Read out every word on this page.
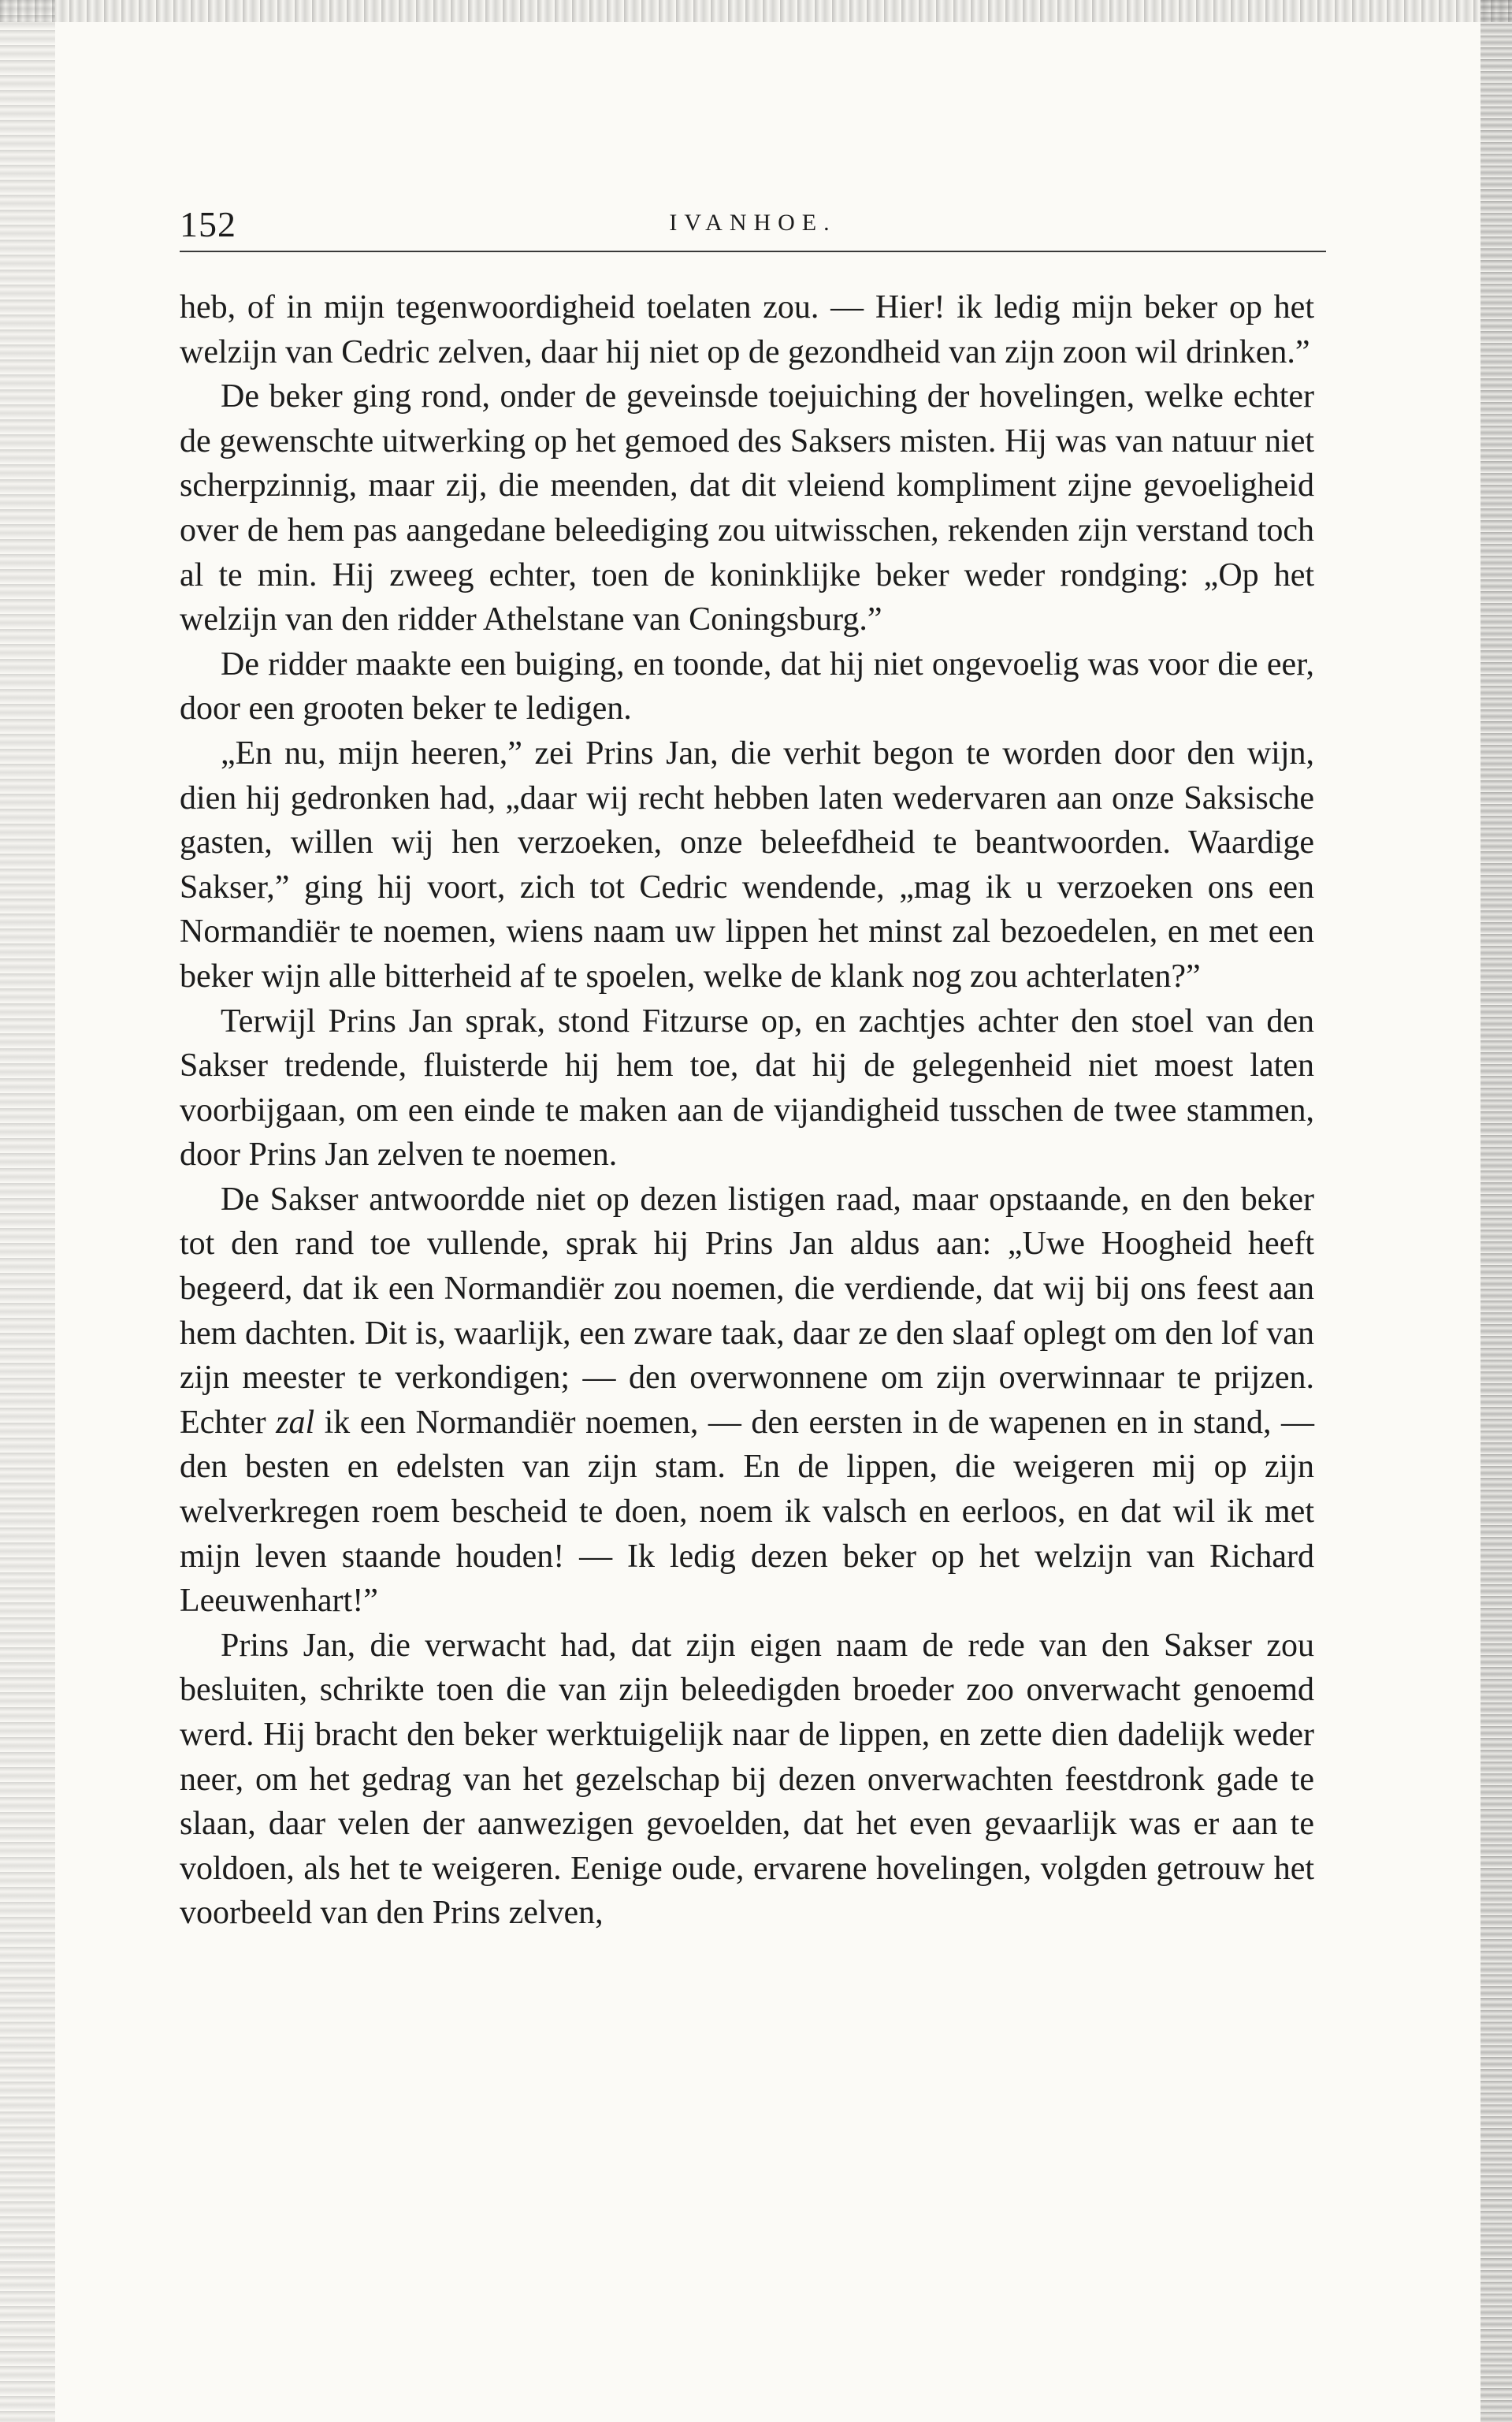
152	IVANHOE.

heb, of in mijn tegenwoordigheid toelaten zou. — Hier! ik ledig mijn beker op het welzijn van Cedric zelven, daar hij niet op de gezondheid van zijn zoon wil drinken.”

De beker ging rond, onder de geveinsde toejuiching der hovelingen, welke echter de gewenschte uitwerking op het gemoed des Saksers misten. Hij was van natuur niet scherpzinnig, maar zij, die meenden, dat dit vleiend kompliment zijne gevoeligheid over de hem pas aangedane beleediging zou uitwisschen, rekenden zijn verstand toch al te min. Hij zweeg echter, toen de koninklijke beker weder rondging: „Op het welzijn van den ridder Athelstane van Coningsburg.”

De ridder maakte een buiging, en toonde, dat hij niet ongevoelig was voor die eer, door een grooten beker te ledigen.

„En nu, mijn heeren,” zei Prins Jan, die verhit begon te worden door den wijn, dien hij gedronken had, „daar wij recht hebben laten wedervaren aan onze Saksische gasten, willen wij hen verzoeken, onze beleefdheid te beantwoorden. Waardige Sakser,” ging hij voort, zich tot Cedric wendende, „mag ik u verzoeken ons een Normandiër te noemen, wiens naam uw lippen het minst zal bezoedelen, en met een beker wijn alle bitterheid af te spoelen, welke de klank nog zou achterlaten?”

Terwijl Prins Jan sprak, stond Fitzurse op, en zachtjes achter den stoel van den Sakser tredende, fluisterde hij hem toe, dat hij de gelegenheid niet moest laten voorbijgaan, om een einde te maken aan de vijandigheid tusschen de twee stammen, door Prins Jan zelven te noemen.

De Sakser antwoordde niet op dezen listigen raad, maar opstaande, en den beker tot den rand toe vullende, sprak hij Prins Jan aldus aan: „Uwe Hoogheid heeft begeerd, dat ik een Normandiër zou noemen, die verdiende, dat wij bij ons feest aan hem dachten. Dit is, waarlijk, een zware taak, daar ze den slaaf oplegt om den lof van zijn meester te verkondigen; — den overwonnene om zijn overwinnaar te prijzen. Echter zal ik een Normandiër noemen, — den eersten in de wapenen en in stand, — den besten en edelsten van zijn stam. En de lippen, die weigeren mij op zijn welverkregen roem bescheid te doen, noem ik valsch en eerloos, en dat wil ik met mijn leven staande houden! — Ik ledig dezen beker op het welzijn van Richard Leeuwenhart!”

Prins Jan, die verwacht had, dat zijn eigen naam de rede van den Sakser zou besluiten, schrikte toen die van zijn beleedigden broeder zoo onverwacht genoemd werd. Hij bracht den beker werktuigelijk naar de lippen, en zette dien dadelijk weder neer, om het gedrag van het gezelschap bij dezen onverwachten feestdronk gade te slaan, daar velen der aanwezigen gevoelden, dat het even gevaarlijk was er aan te voldoen, als het te weigeren. Eenige oude, ervarene hovelingen, volgden getrouw het voorbeeld van den Prins zelven,
